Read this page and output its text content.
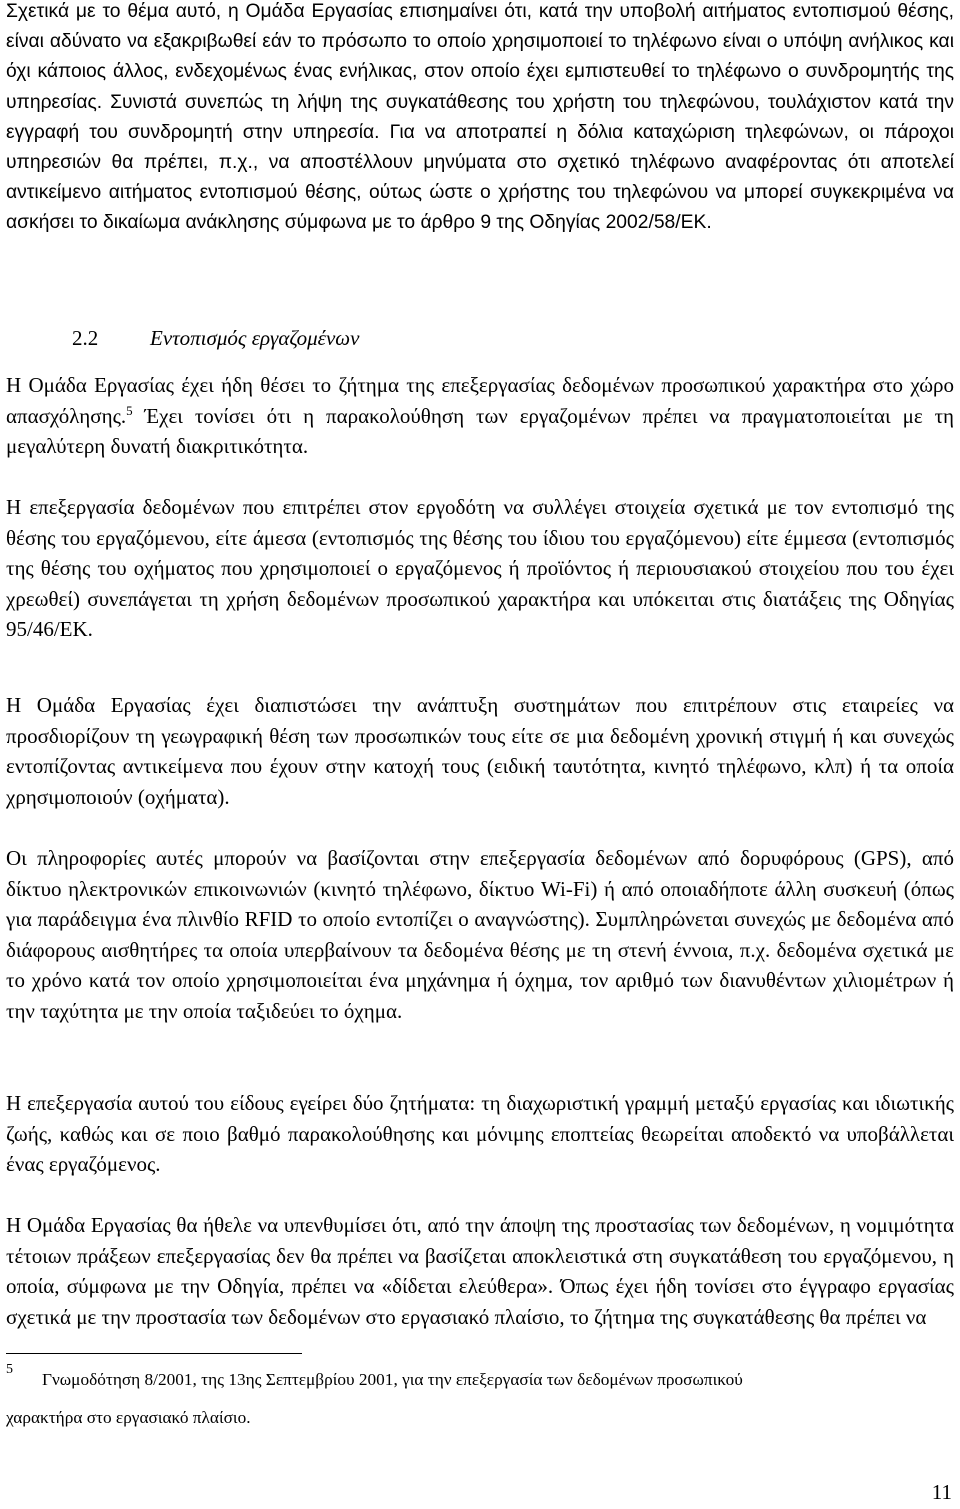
Σχετικά με το θέμα αυτό, η Ομάδα Εργασίας επισημαίνει ότι, κατά την υποβολή αιτήματος εντοπισμού θέσης, είναι αδύνατο να εξακριβωθεί εάν το πρόσωπο το οποίο χρησιμοποιεί το τηλέφωνο είναι ο υπόψη ανήλικος και όχι κάποιος άλλος, ενδεχομένως ένας ενήλικας, στον οποίο έχει εμπιστευθεί το τηλέφωνο ο συνδρομητής της υπηρεσίας. Συνιστά συνεπώς τη λήψη της συγκατάθεσης του χρήστη του τηλεφώνου, τουλάχιστον κατά την εγγραφή του συνδρομητή στην υπηρεσία. Για να αποτραπεί η δόλια καταχώριση τηλεφώνων, οι πάροχοι υπηρεσιών θα πρέπει, π.χ., να αποστέλλουν μηνύματα στο σχετικό τηλέφωνο αναφέροντας ότι αποτελεί αντικείμενο αιτήματος εντοπισμού θέσης, ούτως ώστε ο χρήστης του τηλεφώνου να μπορεί συγκεκριμένα να ασκήσει το δικαίωμα ανάκλησης σύμφωνα με το άρθρο 9 της Οδηγίας 2002/58/ΕΚ.

2.2 Εντοπισμός εργαζομένων

Η Ομάδα Εργασίας έχει ήδη θέσει το ζήτημα της επεξεργασίας δεδομένων προσωπικού χαρακτήρα στο χώρο απασχόλησης.$^5$ Έχει τονίσει ότι η παρακολούθηση των εργαζομένων πρέπει να πραγματοποιείται με τη μεγαλύτερη δυνατή διακριτικότητα.

Η επεξεργασία δεδομένων που επιτρέπει στον εργοδότη να συλλέγει στοιχεία σχετικά με τον εντοπισμό της θέσης του εργαζόμενου, είτε άμεσα (εντοπισμός της θέσης του ίδιου του εργαζόμενου) είτε έμμεσα (εντοπισμός της θέσης του οχήματος που χρησιμοποιεί ο εργαζόμενος ή προϊόντος ή περιουσιακού στοιχείου που του έχει χρεωθεί) συνεπάγεται τη χρήση δεδομένων προσωπικού χαρακτήρα και υπόκειται στις διατάξεις της Οδηγίας 95/46/ΕΚ.

Η Ομάδα Εργασίας έχει διαπιστώσει την ανάπτυξη συστημάτων που επιτρέπουν στις εταιρείες να προσδιορίζουν τη γεωγραφική θέση των προσωπικών τους είτε σε μια δεδομένη χρονική στιγμή ή και συνεχώς εντοπίζοντας αντικείμενα που έχουν στην κατοχή τους (ειδική ταυτότητα, κινητό τηλέφωνο, κλπ) ή τα οποία χρησιμοποιούν (οχήματα).

Οι πληροφορίες αυτές μπορούν να βασίζονται στην επεξεργασία δεδομένων από δορυφόρους (GPS), από δίκτυο ηλεκτρονικών επικοινωνιών (κινητό τηλέφωνο, δίκτυο Wi-Fi) ή από οποιαδήποτε άλλη συσκευή (όπως για παράδειγμα ένα πλινθίο RFID το οποίο εντοπίζει ο αναγνώστης). Συμπληρώνεται συνεχώς με δεδομένα από διάφορους αισθητήρες τα οποία υπερβαίνουν τα δεδομένα θέσης με τη στενή έννοια, π.χ. δεδομένα σχετικά με το χρόνο κατά τον οποίο χρησιμοποιείται ένα μηχάνημα ή όχημα, τον αριθμό των διανυθέντων χιλιομέτρων ή την ταχύτητα με την οποία ταξιδεύει το όχημα.

Η επεξεργασία αυτού του είδους εγείρει δύο ζητήματα: τη διαχωριστική γραμμή μεταξύ εργασίας και ιδιωτικής ζωής, καθώς και σε ποιο βαθμό παρακολούθησης και μόνιμης εποπτείας θεωρείται αποδεκτό να υποβάλλεται ένας εργαζόμενος.

Η Ομάδα Εργασίας θα ήθελε να υπενθυμίσει ότι, από την άποψη της προστασίας των δεδομένων, η νομιμότητα τέτοιων πράξεων επεξεργασίας δεν θα πρέπει να βασίζεται αποκλειστικά στη συγκατάθεση του εργαζόμενου, η οποία, σύμφωνα με την Οδηγία, πρέπει να «δίδεται ελεύθερα». Όπως έχει ήδη τονίσει στο έγγραφο εργασίας σχετικά με την προστασία των δεδομένων στο εργασιακό πλαίσιο, το ζήτημα της συγκατάθεσης θα πρέπει να

5
Γνωμοδότηση 8/2001, της 13ης Σεπτεμβρίου 2001, για την επεξεργασία των δεδομένων προσωπικού
χαρακτήρα στο εργασιακό πλαίσιο.
11
